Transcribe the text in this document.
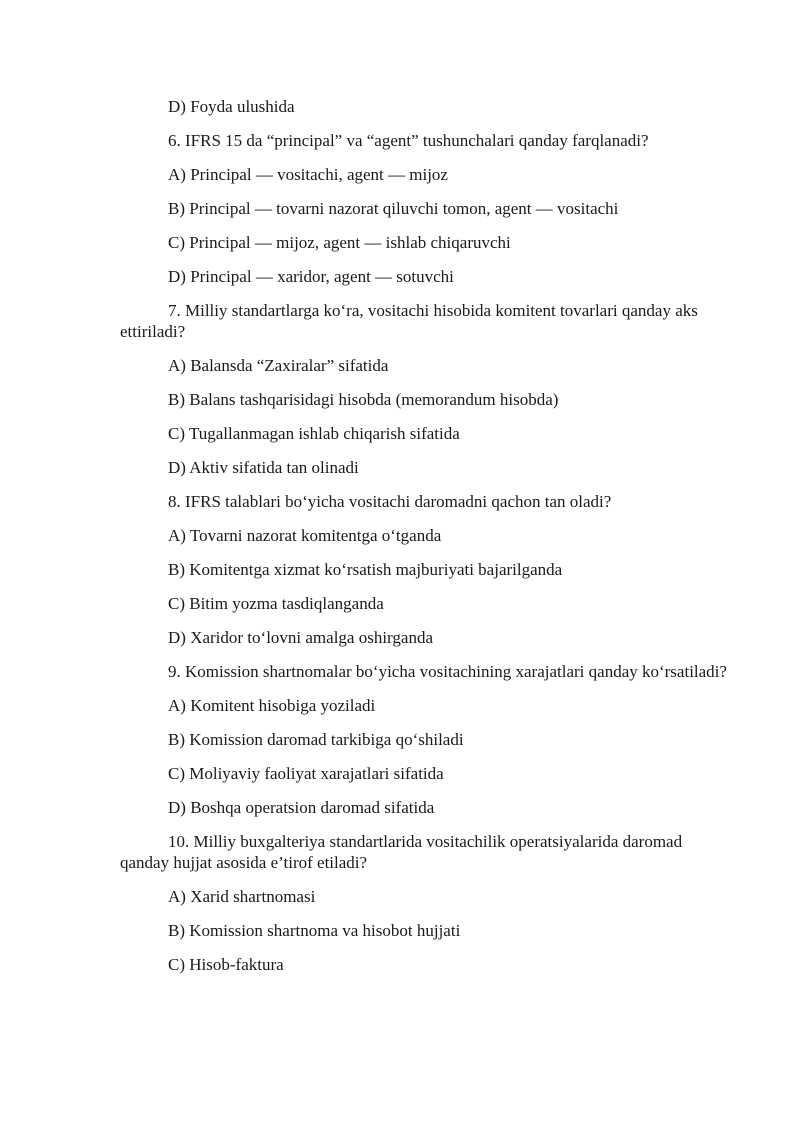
D) Foyda ulushida

6. IFRS 15 da “principal” va “agent” tushunchalari qanday farqlanadi?

A) Principal — vositachi, agent — mijoz

B) Principal — tovarni nazorat qiluvchi tomon, agent — vositachi

C) Principal — mijoz, agent — ishlab chiqaruvchi

D) Principal — xaridor, agent — sotuvchi

7. Milliy standartlarga ko‘ra, vositachi hisobida komitent tovarlari qanday aks ettiriladi?

A) Balansda “Zaxiralar” sifatida

B) Balans tashqarisidagi hisobda (memorandum hisobda)

C) Tugallanmagan ishlab chiqarish sifatida

D) Aktiv sifatida tan olinadi

8. IFRS talablari bo‘yicha vositachi daromadni qachon tan oladi?

A) Tovarni nazorat komitentga o‘tganda

B) Komitentga xizmat ko‘rsatish majburiyati bajarilganda

C) Bitim yozma tasdiqlanganda

D) Xaridor to‘lovni amalga oshirganda

9. Komission shartnomalar bo‘yicha vositachining xarajatlari qanday ko‘rsatiladi?

A) Komitent hisobiga yoziladi

B) Komission daromad tarkibiga qo‘shiladi

C) Moliyaviy faoliyat xarajatlari sifatida

D) Boshqa operatsion daromad sifatida

10. Milliy buxgalteriya standartlarida vositachilik operatsiyalarida daromad qanday hujjat asosida e’tirof etiladi?

A) Xarid shartnomasi

B) Komission shartnoma va hisobot hujjati

C) Hisob-faktura
